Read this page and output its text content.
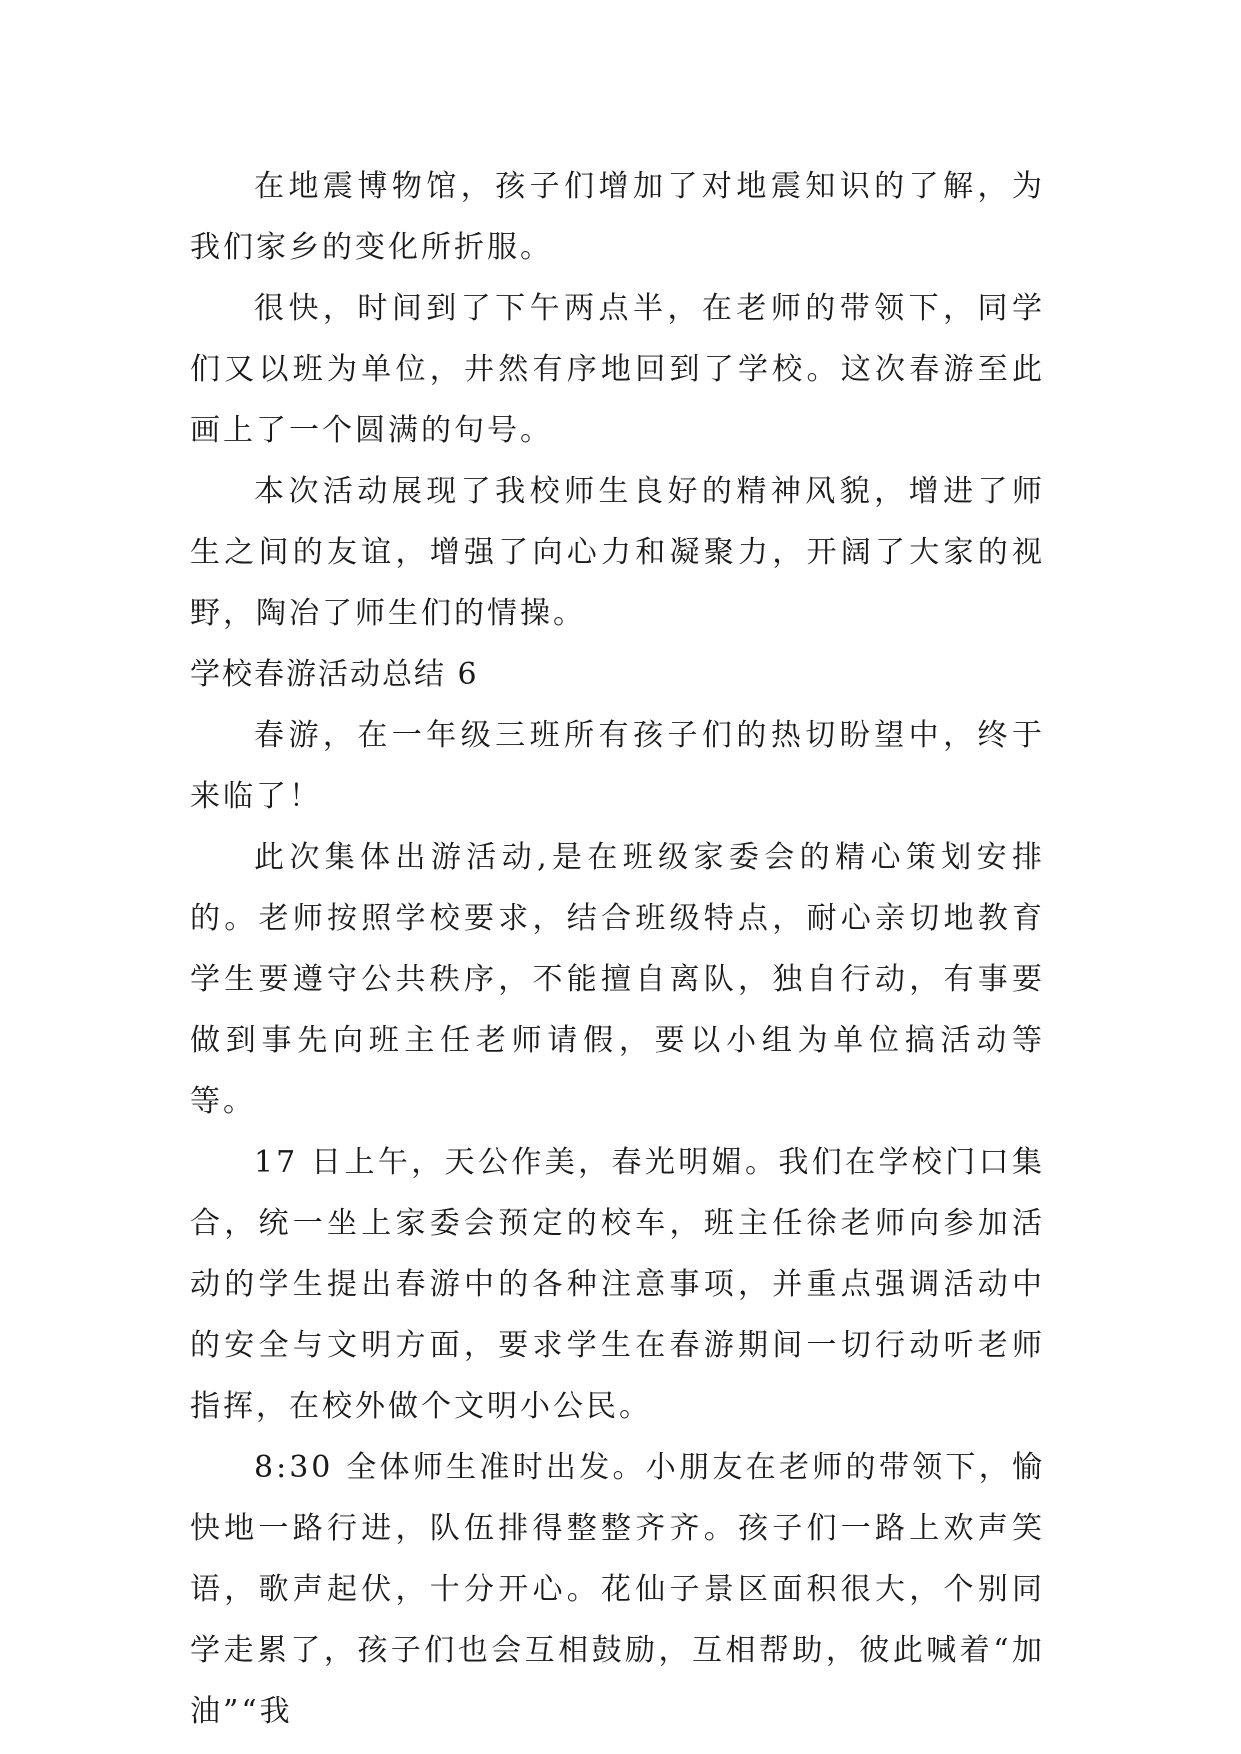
在地震博物馆，孩子们增加了对地震知识的了解，为我们家乡的变化所折服。

很快，时间到了下午两点半，在老师的带领下，同学们又以班为单位，井然有序地回到了学校。这次春游至此画上了一个圆满的句号。

本次活动展现了我校师生良好的精神风貌，增进了师生之间的友谊，增强了向心力和凝聚力，开阔了大家的视野，陶冶了师生们的情操。

学校春游活动总结 6

春游，在一年级三班所有孩子们的热切盼望中，终于来临了！

此次集体出游活动,是在班级家委会的精心策划安排的。老师按照学校要求，结合班级特点，耐心亲切地教育学生要遵守公共秩序，不能擅自离队，独自行动，有事要做到事先向班主任老师请假，要以小组为单位搞活动等等。

17 日上午，天公作美，春光明媚。我们在学校门口集合，统一坐上家委会预定的校车，班主任徐老师向参加活动的学生提出春游中的各种注意事项，并重点强调活动中的安全与文明方面，要求学生在春游期间一切行动听老师指挥，在校外做个文明小公民。

8:30 全体师生准时出发。小朋友在老师的带领下，愉快地一路行进，队伍排得整整齐齐。孩子们一路上欢声笑语，歌声起伏，十分开心。花仙子景区面积很大，个别同学走累了，孩子们也会互相鼓励，互相帮助，彼此喊着“加油”“我
